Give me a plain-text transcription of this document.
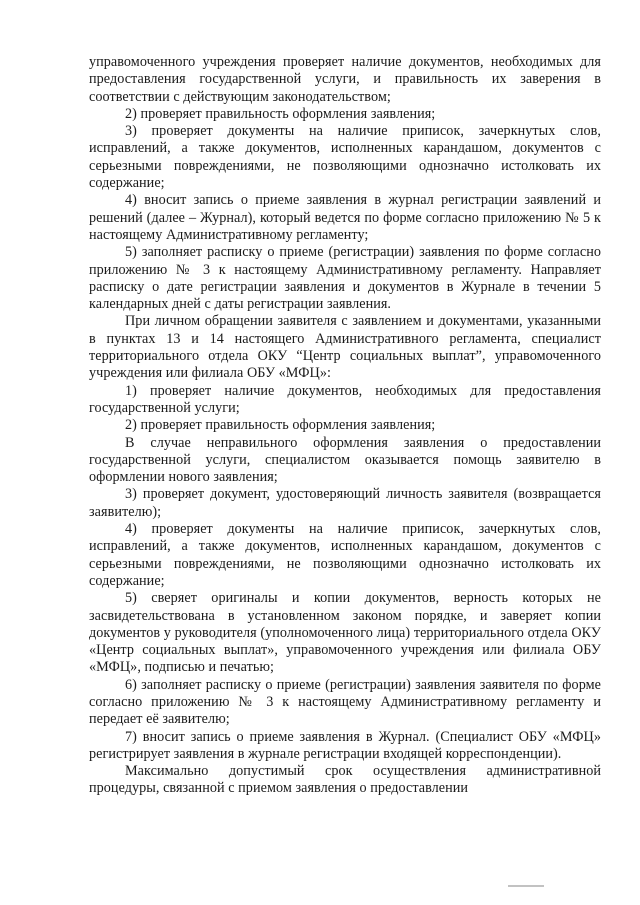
управомоченного учреждения проверяет наличие документов, необходимых для предоставления государственной услуги, и правильность их заверения в соответствии с действующим законодательством;

2) проверяет правильность оформления заявления;

3) проверяет документы на наличие приписок, зачеркнутых слов, исправлений, а также документов, исполненных карандашом, документов с серьезными повреждениями, не позволяющими однозначно истолковать их содержание;

4) вносит запись о приеме заявления в журнал регистрации заявлений и решений (далее – Журнал), который ведется по форме согласно приложению № 5 к настоящему Административному регламенту;

5) заполняет расписку о приеме (регистрации) заявления по форме согласно приложению № 3 к настоящему Административному регламенту. Направляет расписку о дате регистрации заявления и документов в Журнале в течении 5 календарных дней с даты регистрации заявления.

При личном обращении заявителя с заявлением и документами, указанными в пунктах 13 и 14 настоящего Административного регламента, специалист территориального отдела ОКУ “Центр социальных выплат”, управомоченного учреждения или филиала ОБУ «МФЦ»:

1) проверяет наличие документов, необходимых для предоставления государственной услуги;

2) проверяет правильность оформления заявления;

В случае неправильного оформления заявления о предоставлении государственной услуги, специалистом оказывается помощь заявителю в оформлении нового заявления;

3) проверяет документ, удостоверяющий личность заявителя (возвращается заявителю);

4) проверяет документы на наличие приписок, зачеркнутых слов, исправлений, а также документов, исполненных карандашом, документов с серьезными повреждениями, не позволяющими однозначно истолковать их содержание;

5) сверяет оригиналы и копии документов, верность которых не засвидетельствована в установленном законом порядке, и заверяет копии документов у руководителя (уполномоченного лица) территориального отдела ОКУ «Центр социальных выплат», управомоченного учреждения или филиала ОБУ «МФЦ», подписью и печатью;

6) заполняет расписку о приеме (регистрации) заявления заявителя по форме согласно приложению № 3 к настоящему Административному регламенту и передает её заявителю;

7) вносит запись о приеме заявления в Журнал. (Специалист ОБУ «МФЦ» регистрирует заявления в журнале регистрации входящей корреспонденции).

Максимально допустимый срок осуществления административной процедуры, связанной с приемом заявления о предоставлении
